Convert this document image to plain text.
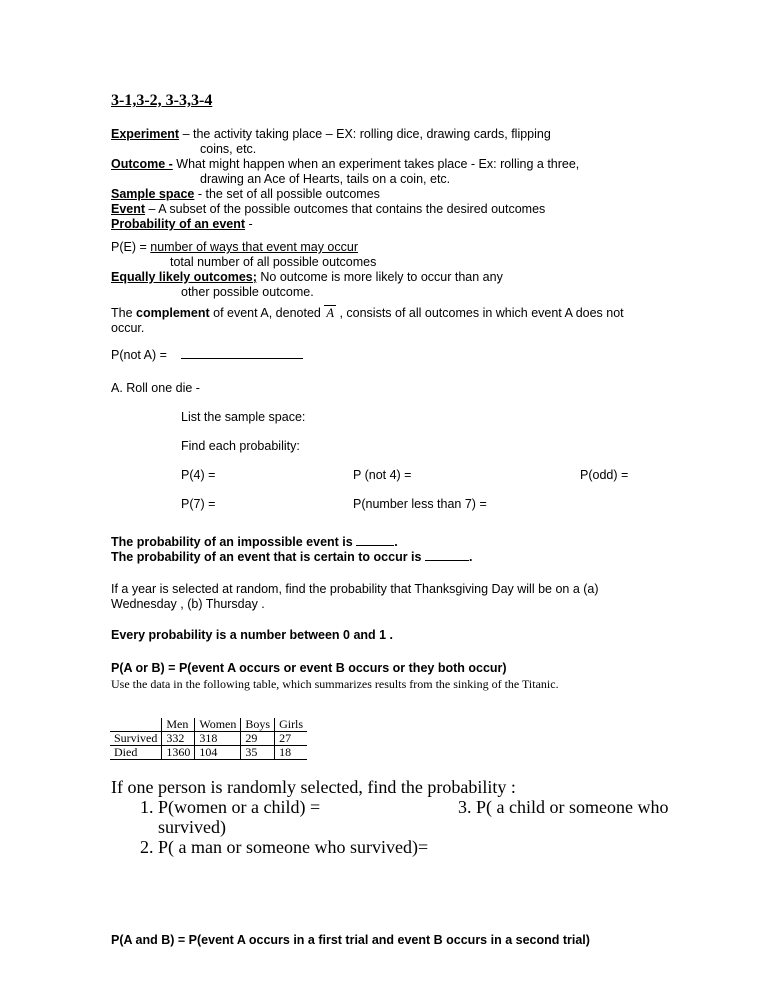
3-1,3-2, 3-3,3-4
Experiment – the activity taking place – EX: rolling dice, drawing cards, flipping
coins, etc.
Outcome - What might happen when an experiment takes place - Ex: rolling a three,
drawing an Ace of Hearts, tails on a coin, etc.
Sample space - the set of all possible outcomes
Event – A subset of the possible outcomes that contains the desired outcomes
Probability of an event -
P(E) = number of ways that event may occur
total number of all possible outcomes
Equally likely outcomes; No outcome is more likely to occur than any
other possible outcome.
The complement of event A, denoted A , consists of all outcomes in which event A does not
occur.
P(not A) =
A. Roll one die -
List the sample space:
Find each probability:
P(4) =	P (not 4) =	P(odd) =
P(7) =	P(number less than 7) =
The probability of an impossible event is	.
The probability of an event that is certain to occur is	.
If a year is selected at random, find the probability that Thanksgiving Day will be on a (a)
Wednesday , (b) Thursday .
Every probability is a number between 0 and 1 .
P(A or B) = P(event A occurs or event B occurs or they both occur)
Use the data in the following table, which summarizes results from the sinking of the Titanic.
	Men	Women	Boys	Girls
Survived	332	318	29	27
Died	1360	104	35	18
If one person is randomly selected, find the probability :
1. P(women or a child) =	3. P( a child or someone who
survived)
2. P( a man or someone who survived)=
P(A and B) = P(event A occurs in a first trial and event B occurs in a second trial)
